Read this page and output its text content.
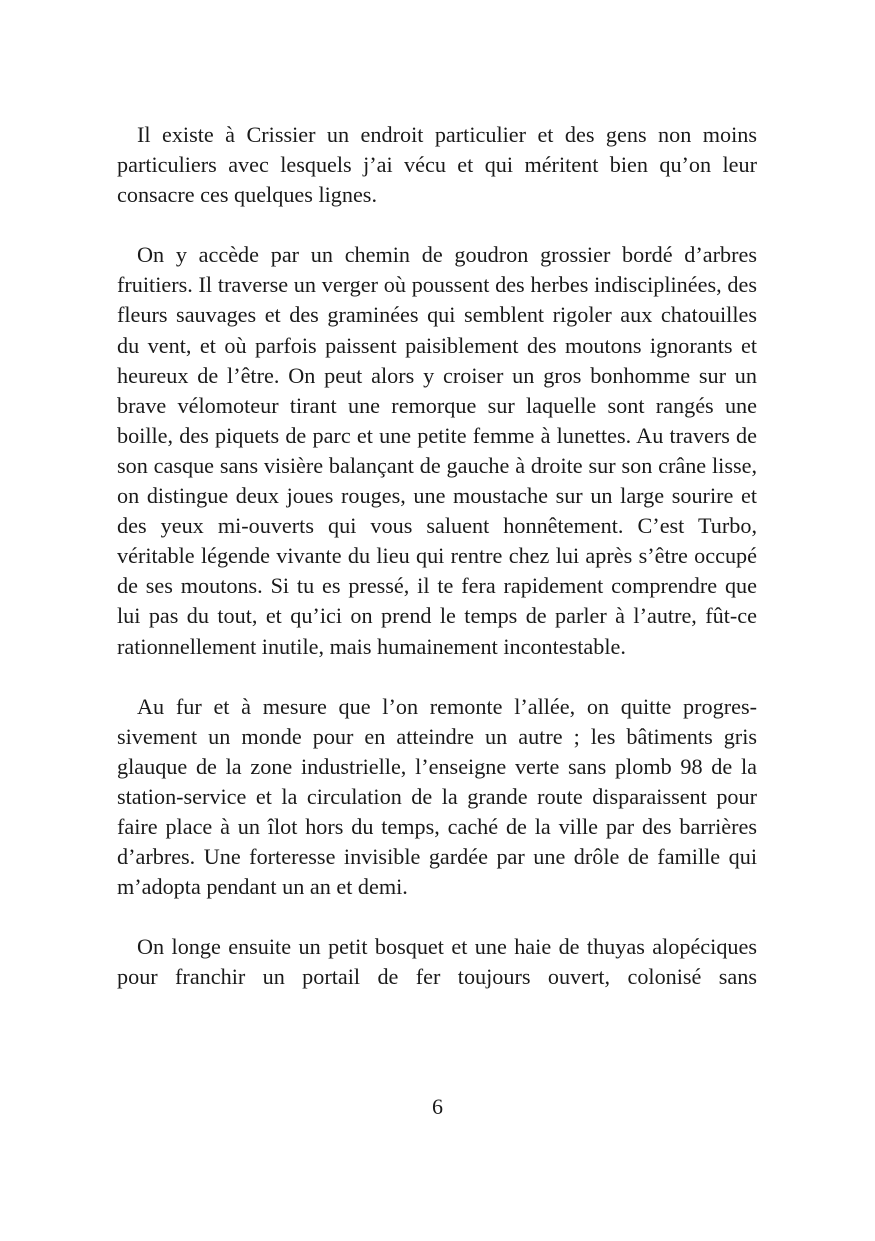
Il existe à Crissier un endroit particulier et des gens non moins particuliers avec lesquels j’ai vécu et qui méritent bien qu’on leur consacre ces quelques lignes.

On y accède par un chemin de goudron grossier bordé d’arbres fruitiers. Il traverse un verger où poussent des herbes indisciplinées, des fleurs sauvages et des graminées qui semblent rigoler aux chatouilles du vent, et où parfois paissent paisiblement des moutons ignorants et heureux de l’être. On peut alors y croiser un gros bonhomme sur un brave vélomoteur tirant une remorque sur laquelle sont rangés une boille, des piquets de parc et une petite femme à lunettes. Au travers de son casque sans visière balançant de gauche à droite sur son crâne lisse, on distingue deux joues rouges, une moustache sur un large sourire et des yeux mi-ouverts qui vous saluent honnêtement. C’est Turbo, véritable légende vivante du lieu qui rentre chez lui après s’être occupé de ses moutons. Si tu es pressé, il te fera rapidement comprendre que lui pas du tout, et qu’ici on prend le temps de parler à l’autre, fût-ce rationnellement inutile, mais humainement incontestable.

Au fur et à mesure que l’on remonte l’allée, on quitte progressivement un monde pour en atteindre un autre ; les bâtiments gris glauque de la zone industrielle, l’enseigne verte sans plomb 98 de la station-service et la circulation de la grande route disparaissent pour faire place à un îlot hors du temps, caché de la ville par des barrières d’arbres. Une forteresse invisible gardée par une drôle de famille qui m’adopta pendant un an et demi.

On longe ensuite un petit bosquet et une haie de thuyas alopéciques pour franchir un portail de fer toujours ouvert, colonisé sans

6
